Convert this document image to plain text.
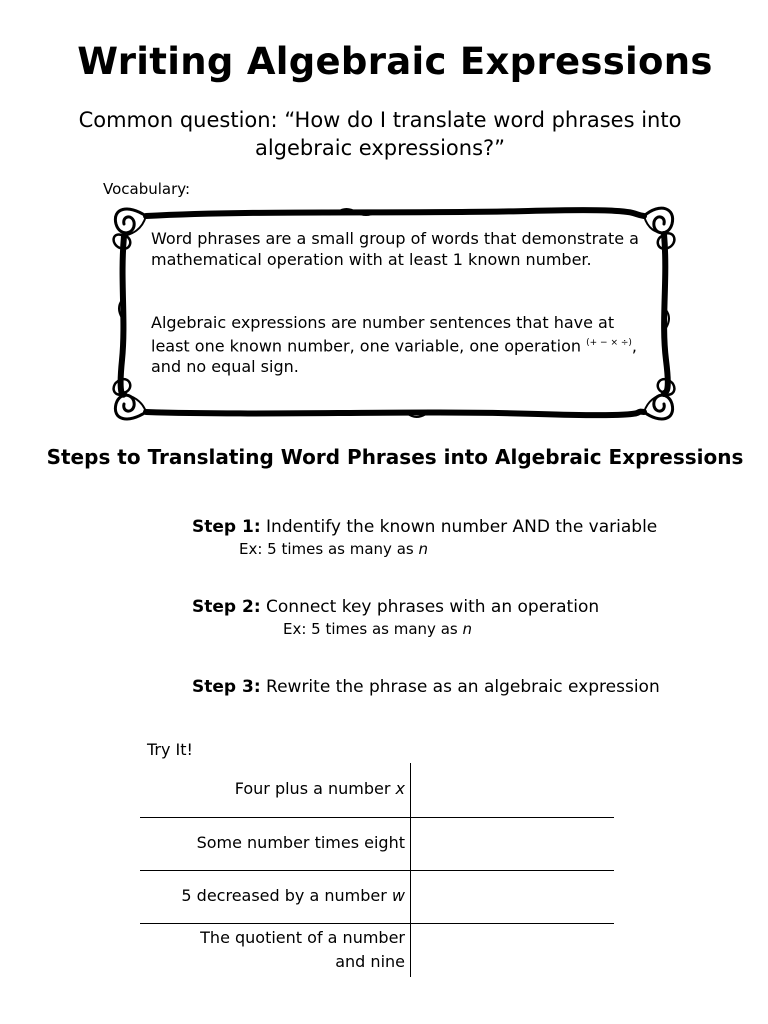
Writing Algebraic Expressions
Common question: “How do I translate word phrases into algebraic expressions?”
Vocabulary:

Word phrases are a small group of words that demonstrate a mathematical operation with at least 1 known number.

Algebraic expressions are number sentences that have at least one known number, one variable, one operation (+ − × ÷), and no equal sign.

Steps to Translating Word Phrases into Algebraic Expressions
Step 1: Indentify the known number AND the variable
Ex: 5 times as many as n
Step 2: Connect key phrases with an operation
Ex: 5 times as many as n
Step 3: Rewrite the phrase as an algebraic expression
Try It!
Four plus a number x
Some number times eight
5 decreased by a number w
The quotient of a number and nine
